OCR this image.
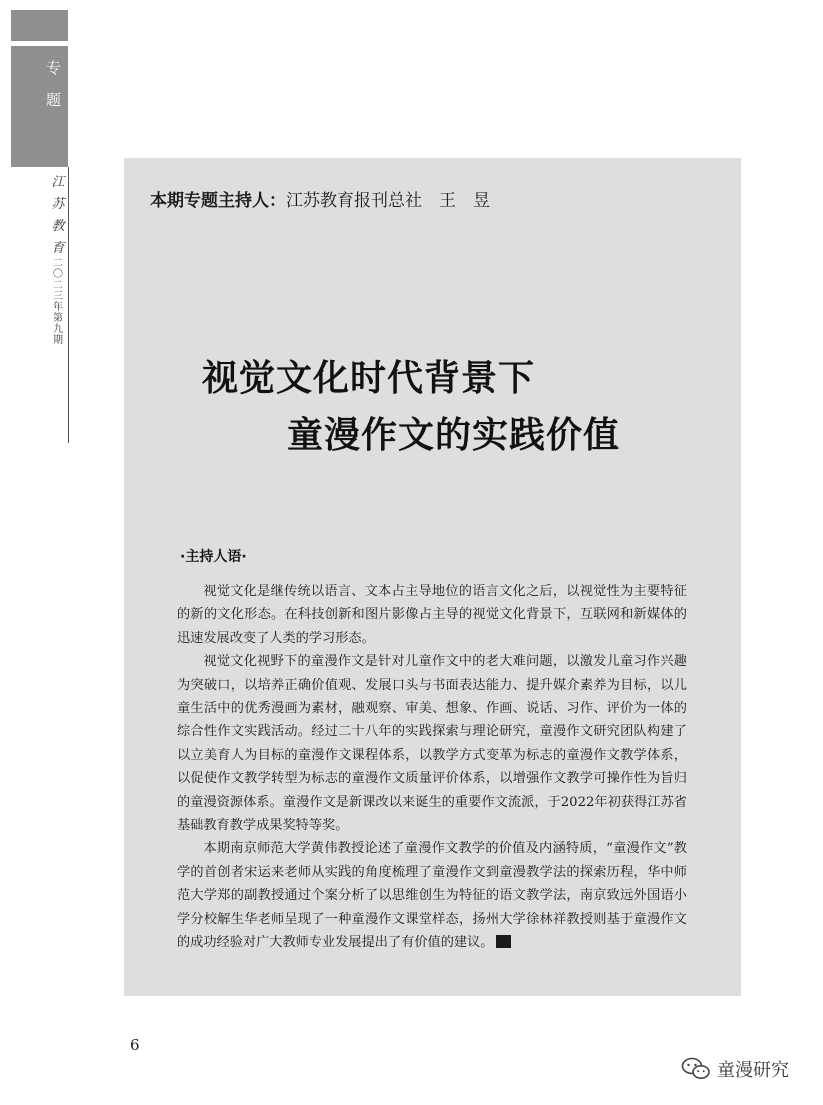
专
题
江苏教育
二〇二三年第九期
本期专题主持人：江苏教育报刊总社　王　昱
视觉文化时代背景下
童漫作文的实践价值
·主持人语·

视觉文化是继传统以语言、文本占主导地位的语言文化之后，以视觉性为主要特征的新的文化形态。在科技创新和图片影像占主导的视觉文化背景下，互联网和新媒体的迅速发展改变了人类的学习形态。

视觉文化视野下的童漫作文是针对儿童作文中的老大难问题，以激发儿童习作兴趣为突破口，以培养正确价值观、发展口头与书面表达能力、提升媒介素养为目标，以儿童生活中的优秀漫画为素材，融观察、审美、想象、作画、说话、习作、评价为一体的综合性作文实践活动。经过二十八年的实践探索与理论研究，童漫作文研究团队构建了以立美育人为目标的童漫作文课程体系，以教学方式变革为标志的童漫作文教学体系，以促使作文教学转型为标志的童漫作文质量评价体系，以增强作文教学可操作性为旨归的童漫资源体系。童漫作文是新课改以来诞生的重要作文流派，于2022年初获得江苏省基础教育教学成果奖特等奖。

本期南京师范大学黄伟教授论述了童漫作文教学的价值及内涵特质，“童漫作文”教学的首创者宋运来老师从实践的角度梳理了童漫作文到童漫教学法的探索历程，华中师范大学郑的副教授通过个案分析了以思维创生为特征的语文教学法，南京致远外国语小学分校解生华老师呈现了一种童漫作文课堂样态，扬州大学徐林祥教授则基于童漫作文的成功经验对广大教师专业发展提出了有价值的建议。

6
童漫研究
